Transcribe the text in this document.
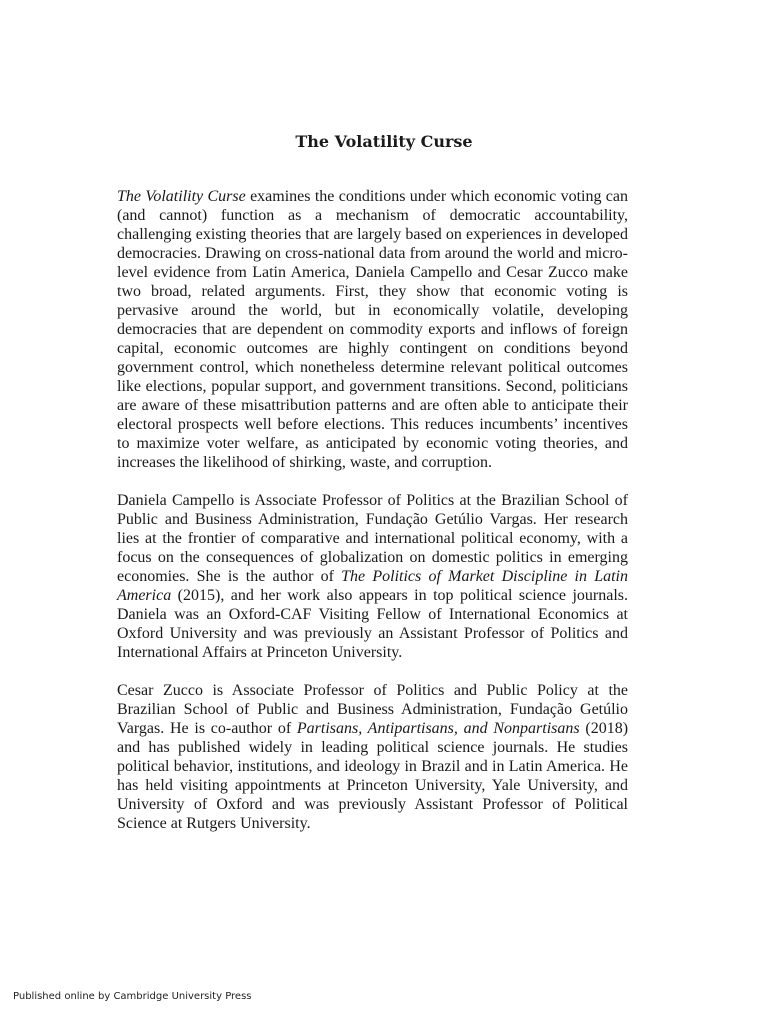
The Volatility Curse

The Volatility Curse examines the conditions under which economic voting can (and cannot) function as a mechanism of democratic accountability, challenging existing theories that are largely based on experiences in developed democracies. Drawing on cross-national data from around the world and micro-level evidence from Latin America, Daniela Campello and Cesar Zucco make two broad, related arguments. First, they show that economic voting is pervasive around the world, but in economically volatile, developing democracies that are dependent on commodity exports and inflows of foreign capital, economic outcomes are highly contingent on conditions beyond government control, which nonetheless determine relevant political outcomes like elections, popular support, and government transitions. Second, politicians are aware of these misattribution patterns and are often able to anticipate their electoral prospects well before elections. This reduces incumbents’ incentives to maximize voter welfare, as anticipated by economic voting theories, and increases the likelihood of shirking, waste, and corruption.

Daniela Campello is Associate Professor of Politics at the Brazilian School of Public and Business Administration, Fundação Getúlio Vargas. Her research lies at the frontier of comparative and international political economy, with a focus on the consequences of globalization on domestic politics in emerging economies. She is the author of The Politics of Market Discipline in Latin America (2015), and her work also appears in top political science journals. Daniela was an Oxford-CAF Visiting Fellow of International Economics at Oxford University and was previously an Assistant Professor of Politics and International Affairs at Princeton University.

Cesar Zucco is Associate Professor of Politics and Public Policy at the Brazilian School of Public and Business Administration, Fundação Getúlio Vargas. He is co-author of Partisans, Antipartisans, and Nonpartisans (2018) and has published widely in leading political science journals. He studies political behavior, institutions, and ideology in Brazil and in Latin America. He has held visiting appointments at Princeton University, Yale University, and University of Oxford and was previously Assistant Professor of Political Science at Rutgers University.

Published online by Cambridge University Press
